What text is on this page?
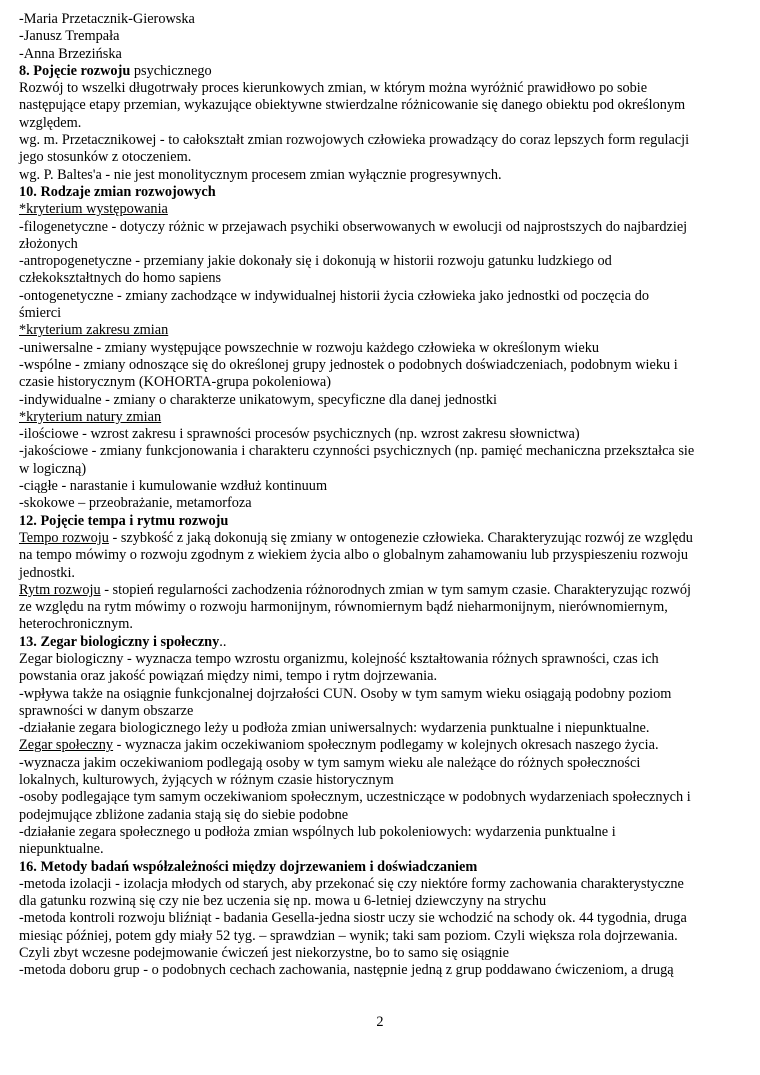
-Maria Przetacznik-Gierowska
-Janusz Trempała
-Anna Brzezińska
8. Pojęcie rozwoju psychicznego
Rozwój to wszelki długotrwały proces kierunkowych zmian, w którym można wyróżnić prawidłowo po sobie
następujące etapy przemian, wykazujące obiektywne stwierdzalne różnicowanie się danego obiektu pod określonym
względem.
wg. m. Przetacznikowej - to całokształt zmian rozwojowych człowieka prowadzący do coraz lepszych form regulacji
jego stosunków z otoczeniem.
wg. P. Baltes'a - nie jest monolitycznym procesem zmian wyłącznie progresywnych.
10. Rodzaje zmian rozwojowych
*kryterium występowania
-filogenetyczne - dotyczy różnic w przejawach psychiki obserwowanych w ewolucji od najprostszych do najbardziej
złożonych
-antropogenetyczne - przemiany jakie dokonały się i dokonują w historii rozwoju gatunku ludzkiego od
człekokształtnych do homo sapiens
-ontogenetyczne - zmiany zachodzące w indywidualnej historii życia człowieka jako jednostki od poczęcia do
śmierci
*kryterium zakresu zmian
-uniwersalne - zmiany występujące powszechnie w rozwoju każdego człowieka w określonym wieku
-wspólne - zmiany odnoszące się do określonej grupy jednostek o podobnych doświadczeniach, podobnym wieku i
czasie historycznym (KOHORTA-grupa pokoleniowa)
-indywidualne - zmiany o charakterze unikatowym, specyficzne dla danej jednostki
*kryterium natury zmian
-ilościowe - wzrost zakresu i sprawności procesów psychicznych (np. wzrost zakresu słownictwa)
-jakościowe - zmiany funkcjonowania i charakteru czynności psychicznych (np. pamięć mechaniczna przekształca sie
w logiczną)
-ciągłe - narastanie i kumulowanie wzdłuż kontinuum
-skokowe – przeobrażanie, metamorfoza
12. Pojęcie tempa i rytmu rozwoju
Tempo rozwoju - szybkość z jaką dokonują się zmiany w ontogenezie człowieka. Charakteryzując rozwój ze względu
na tempo mówimy o rozwoju zgodnym z wiekiem życia albo o globalnym zahamowaniu lub przyspieszeniu rozwoju
jednostki.
Rytm rozwoju - stopień regularności zachodzenia różnorodnych zmian w tym samym czasie. Charakteryzując rozwój
ze względu na rytm mówimy o rozwoju harmonijnym, równomiernym bądź nieharmonijnym, nierównomiernym,
heterochronicznym.
13. Zegar biologiczny i społeczny..
Zegar biologiczny - wyznacza tempo wzrostu organizmu, kolejność kształtowania różnych sprawności, czas ich
powstania oraz jakość powiązań między nimi, tempo i rytm dojrzewania.
-wpływa także na osiągnie funkcjonalnej dojrzałości CUN. Osoby w tym samym wieku osiągają podobny poziom
sprawności w danym obszarze
-działanie zegara biologicznego leży u podłoża zmian uniwersalnych: wydarzenia punktualne i niepunktualne.
Zegar społeczny - wyznacza jakim oczekiwaniom społecznym podlegamy w kolejnych okresach naszego życia.
-wyznacza jakim oczekiwaniom podlegają osoby w tym samym wieku ale należące do różnych społeczności
lokalnych, kulturowych, żyjących w różnym czasie historycznym
-osoby podlegające tym samym oczekiwaniom społecznym, uczestniczące w podobnych wydarzeniach społecznych i
podejmujące zbliżone zadania stają się do siebie podobne
-działanie zegara społecznego u podłoża zmian wspólnych lub pokoleniowych: wydarzenia punktualne i
niepunktualne.
16. Metody badań współzależności między dojrzewaniem i doświadczaniem
-metoda izolacji - izolacja młodych od starych, aby przekonać się czy niektóre formy zachowania charakterystyczne
dla gatunku rozwiną się czy nie bez uczenia się np. mowa u 6-letniej dziewczyny na strychu
-metoda kontroli rozwoju bliźniąt - badania Gesella-jedna siostr uczy sie wchodzić na schody ok. 44 tygodnia, druga
miesiąc później, potem gdy miały 52 tyg. – sprawdzian – wynik; taki sam poziom. Czyli większa rola dojrzewania.
Czyli zbyt wczesne podejmowanie ćwiczeń jest niekorzystne, bo to samo się osiągnie
-metoda doboru grup - o podobnych cechach zachowania, następnie jedną z grup poddawano ćwiczeniom, a drugą
2
